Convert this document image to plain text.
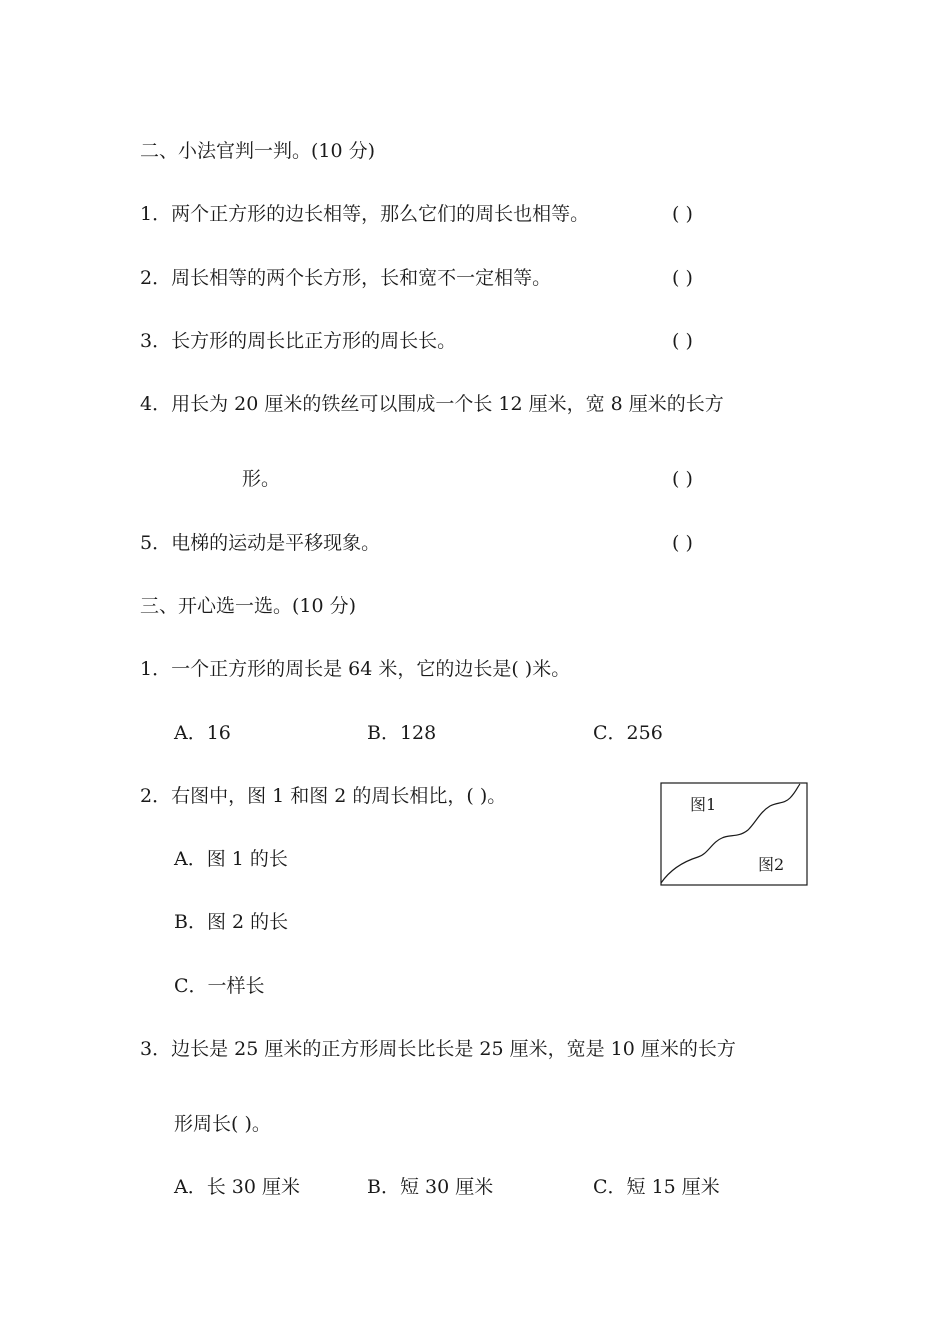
二、小法官判一判。(10 分)
1．两个正方形的边长相等，那么它们的周长也相等。	( )
2．周长相等的两个长方形，长和宽不一定相等。	( )
3．长方形的周长比正方形的周长长。	( )
4．用长为 20 厘米的铁丝可以围成一个长 12 厘米，宽 8 厘米的长方
形。	( )
5．电梯的运动是平移现象。	( )
三、开心选一选。(10 分)
1．一个正方形的周长是 64 米，它的边长是( )米。
A．16	B．128	C．256
2．右图中，图 1 和图 2 的周长相比，( )。
A．图 1 的长
B．图 2 的长
C．一样长
图1
图2
3．边长是 25 厘米的正方形周长比长是 25 厘米，宽是 10 厘米的长方
形周长( )。
A．长 30 厘米	B．短 30 厘米	C．短 15 厘米
